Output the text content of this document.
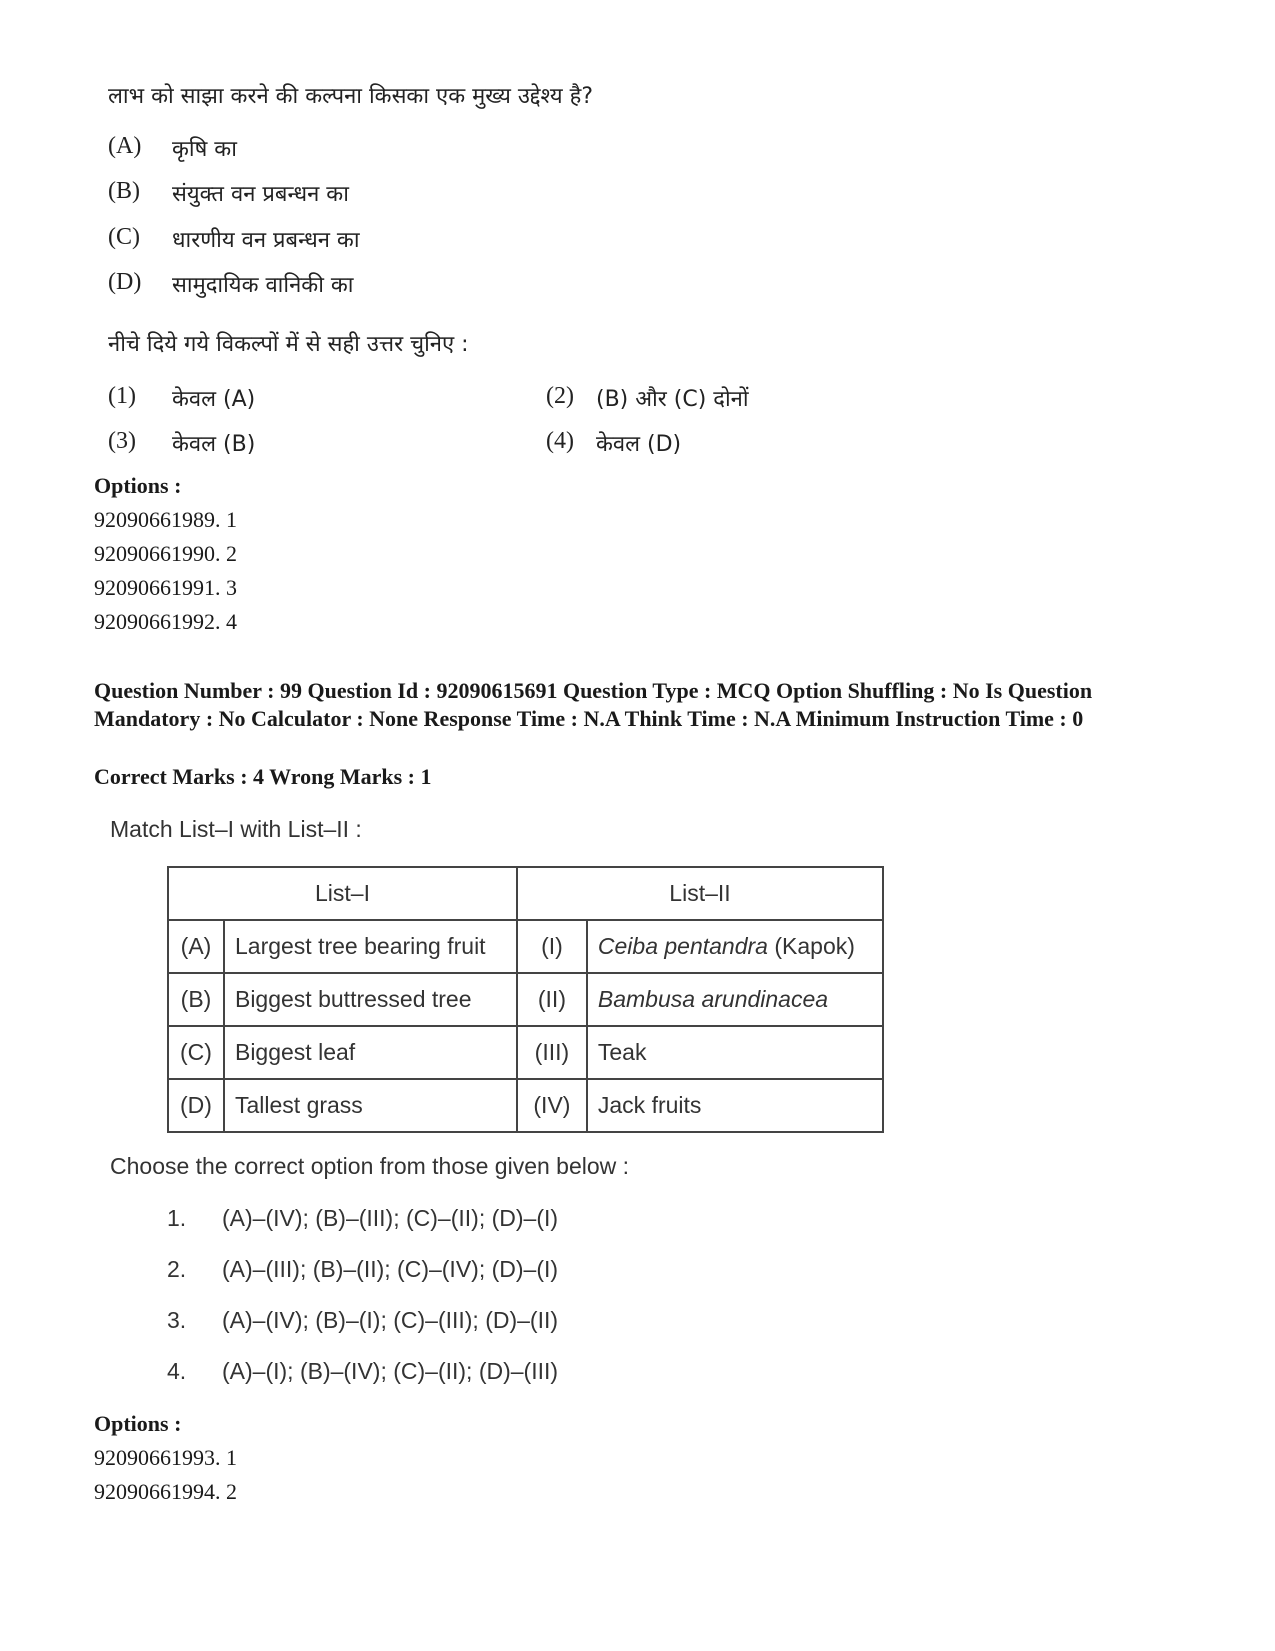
लाभ को साझा करने की कल्पना किसका एक मुख्य उद्देश्य है?
(A) कृषि का
(B) संयुक्त वन प्रबन्धन का
(C) धारणीय वन प्रबन्धन का
(D) सामुदायिक वानिकी का
नीचे दिये गये विकल्पों में से सही उत्तर चुनिए :
(1) केवल (A)	(2) (B) और (C) दोनों
(3) केवल (B)	(4) केवल (D)
Options :
92090661989. 1
92090661990. 2
92090661991. 3
92090661992. 4
Question Number : 99 Question Id : 92090615691 Question Type : MCQ Option Shuffling : No Is Question Mandatory : No Calculator : None Response Time : N.A Think Time : N.A Minimum Instruction Time : 0
Correct Marks : 4 Wrong Marks : 1
Match List–I with List–II :
List–I		List–II	
(A)	Largest tree bearing fruit	(I)	Ceiba pentandra (Kapok)
(B)	Biggest buttressed tree	(II)	Bambusa arundinacea
(C)	Biggest leaf	(III)	Teak
(D)	Tallest grass	(IV)	Jack fruits
Choose the correct option from those given below :
1. (A)–(IV); (B)–(III); (C)–(II); (D)–(I)
2. (A)–(III); (B)–(II); (C)–(IV); (D)–(I)
3. (A)–(IV); (B)–(I); (C)–(III); (D)–(II)
4. (A)–(I); (B)–(IV); (C)–(II); (D)–(III)
Options :
92090661993. 1
92090661994. 2
